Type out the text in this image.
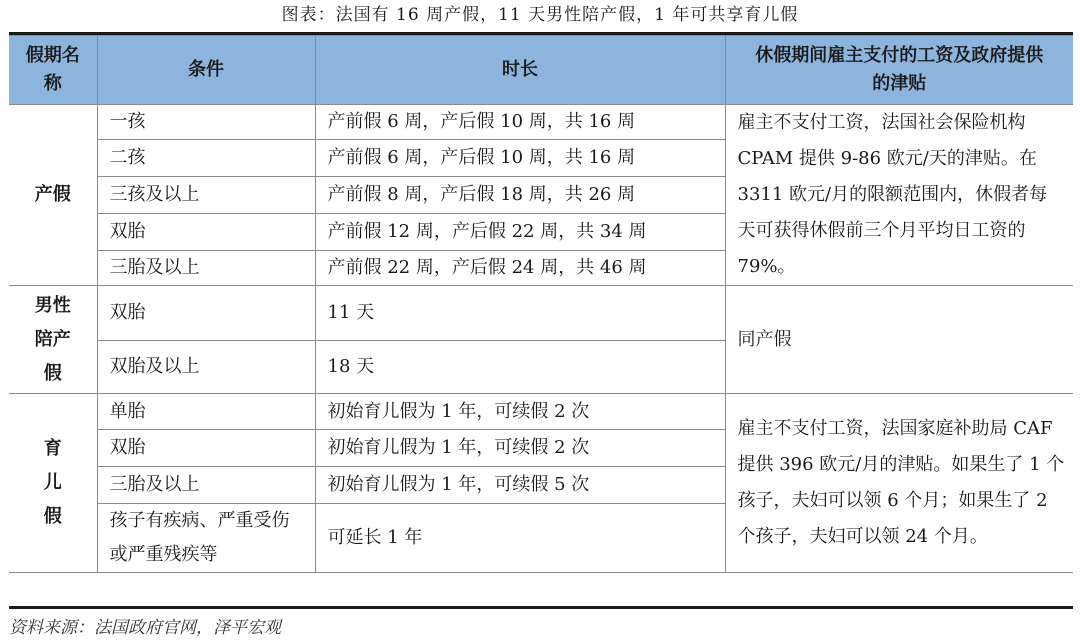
图表：法国有 16 周产假，11 天男性陪产假，1 年可共享育儿假
假期名称	条件	时长	休假期间雇主支付的工资及政府提供的津贴

产假	一孩	产前假 6 周，产后假 10 周，共 16 周	雇主不支付工资，法国社会保险机构 CPAM 提供 9-86 欧元/天的津贴。在 3311 欧元/月的限额范围内，休假者每天可获得休假前三个月平均日工资的 79%。
	二孩	产前假 6 周，产后假 10 周，共 16 周	
	三孩及以上	产前假 8 周，产后假 18 周，共 26 周	
	双胎	产前假 12 周，产后假 22 周，共 34 周	
	三胎及以上	产前假 22 周，产后假 24 周，共 46 周	

男性陪产假	双胎	11 天	同产假
	双胎及以上	18 天	

育儿假	单胎	初始育儿假为 1 年，可续假 2 次	雇主不支付工资，法国家庭补助局 CAF 提供 396 欧元/月的津贴。如果生了 1 个孩子，夫妇可以领 6 个月；如果生了 2 个孩子，夫妇可以领 24 个月。
	双胎	初始育儿假为 1 年，可续假 2 次	
	三胎及以上	初始育儿假为 1 年，可续假 5 次	

	孩子有疾病、严重受伤或严重残疾等	可延长 1 年	
资料来源：法国政府官网，泽平宏观
